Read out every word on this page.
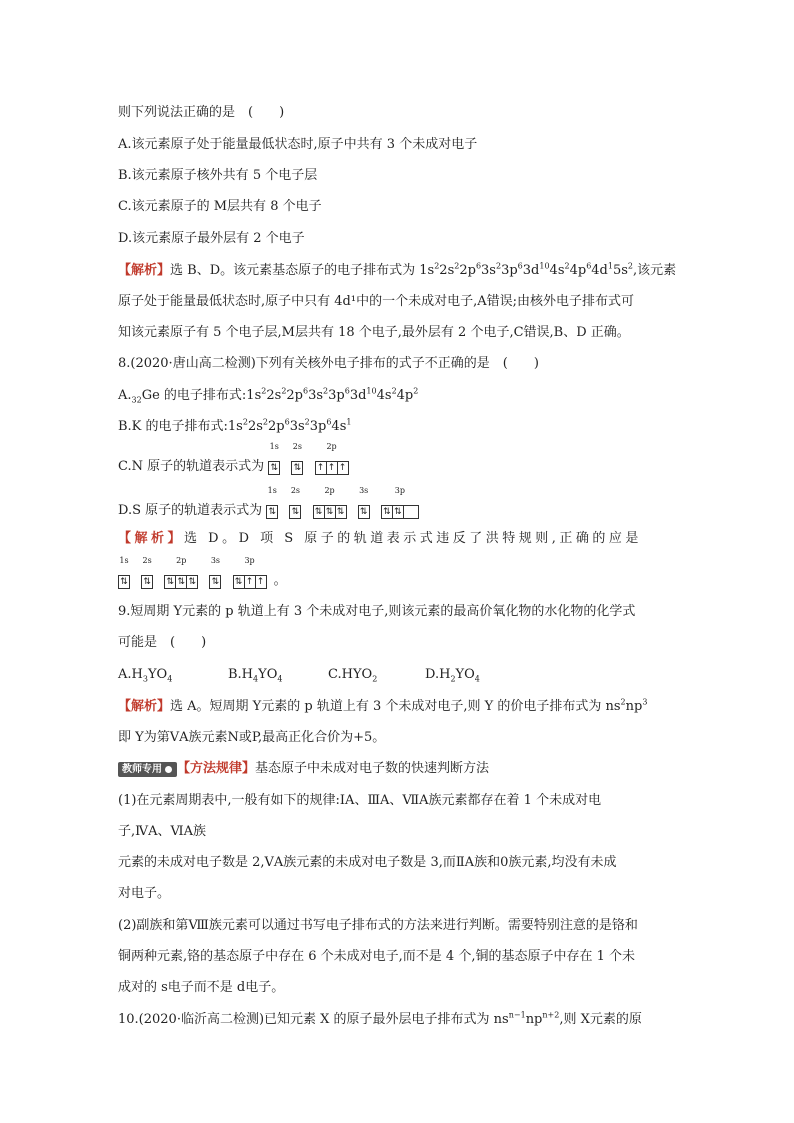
则下列说法正确的是　(　　)
A.该元素原子处于能量最低状态时,原子中共有 3 个未成对电子
B.该元素原子核外共有 5 个电子层
C.该元素原子的 M层共有 8 个电子
D.该元素原子最外层有 2 个电子
【解析】选 B、D。该元素基态原子的电子排布式为 $1s^22s^22p^63s^23p^63d^{10}4s^24p^64d^15s^2$,该元素
原子处于能量最低状态时,原子中只有 4d¹中的一个未成对电子,A错误;由核外电子排布式可
知该元素原子有 5 个电子层,M层共有 18 个电子,最外层有 2 个电子,C错误,B、D 正确。
8.(2020·唐山高二检测)下列有关核外电子排布的式子不正确的是　(　　)
$A._{32}Ge$ 的电子排布式$:1s^22s^22p^63s^23p^63d^{10}4s^24p^2$
B.K 的电子排布式$:1s^22s^22p^63s^23p^64s^1$
C.N 原子的轨道表示式为
1s
⇅

2s
⇅

2p
↑ ↑ ↑
D.S 原子的轨道表示式为
1s
⇅

2s
⇅

2p
⇅ ⇅ ⇅

3s
⇅

3p
⇅ ⇅
【解析】选 D。D 项 S 原子的轨道表示式违反了洪特规则,正确的应是
1s
⇅

2s
⇅

2p
⇅ ⇅ ⇅

3s
⇅

3p
⇅ ↑ ↑ 。
9.短周期 Y元素的 p 轨道上有 3 个未成对电子,则该元素的最高价氧化物的水化物的化学式
可能是　(　　)
$A.H_3YO_4$	$B.H_4YO_4$	$C.HYO_2$	$D.H_2YO_4$
【解析】选 A。短周期 Y元素的 p 轨道上有 3 个未成对电子,则 Y 的价电子排布式为 $ns^2np^3$
即 Y为第ⅤA族元素N或P,最高正化合价为+5。
教师专用 【方法规律】基态原子中未成对电子数的快速判断方法
(1)在元素周期表中,一般有如下的规律:ⅠA、ⅢA、ⅦA族元素都存在着 1 个未成对电
子,ⅣA、ⅥA族
元素的未成对电子数是 2,ⅤA族元素的未成对电子数是 3,而ⅡA族和0族元素,均没有未成
对电子。
(2)副族和第Ⅷ族元素可以通过书写电子排布式的方法来进行判断。需要特别注意的是铬和
铜两种元素,铬的基态原子中存在 6 个未成对电子,而不是 4 个,铜的基态原子中存在 1 个未
成对的 s电子而不是 d电子。
10.(2020·临沂高二检测)已知元素 X 的原子最外层电子排布式为 $ns^{n-1}np^{n+2}$,则 X元素的原
